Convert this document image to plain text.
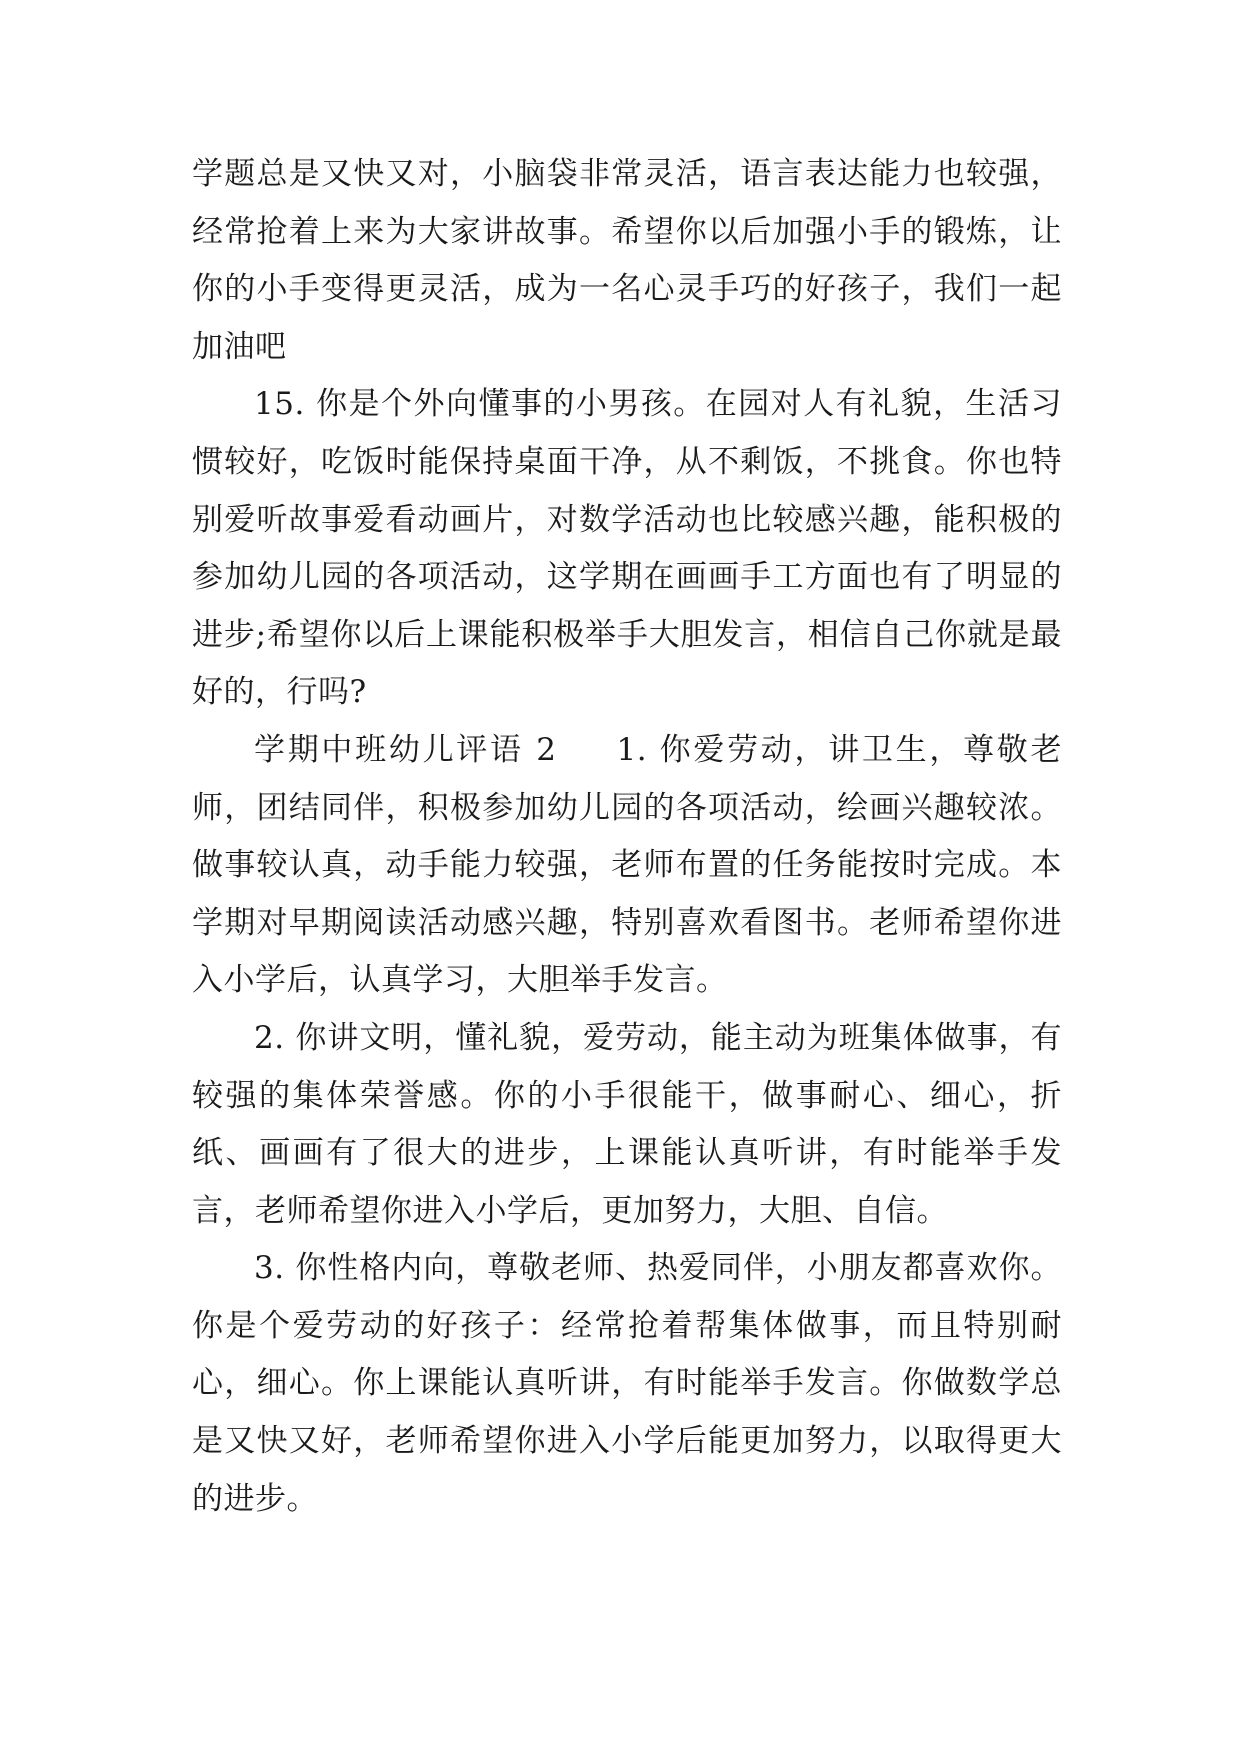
学题总是又快又对，小脑袋非常灵活，语言表达能力也较强，经常抢着上来为大家讲故事。希望你以后加强小手的锻炼，让你的小手变得更灵活，成为一名心灵手巧的好孩子，我们一起加油吧

15. 你是个外向懂事的小男孩。在园对人有礼貌，生活习惯较好，吃饭时能保持桌面干净，从不剩饭，不挑食。你也特别爱听故事爱看动画片，对数学活动也比较感兴趣，能积极的参加幼儿园的各项活动，这学期在画画手工方面也有了明显的进步;希望你以后上课能积极举手大胆发言，相信自己你就是最好的，行吗?

学期中班幼儿评语 2 1. 你爱劳动，讲卫生，尊敬老师，团结同伴，积极参加幼儿园的各项活动，绘画兴趣较浓。做事较认真，动手能力较强，老师布置的任务能按时完成。本学期对早期阅读活动感兴趣，特别喜欢看图书。老师希望你进入小学后，认真学习，大胆举手发言。

2. 你讲文明，懂礼貌，爱劳动，能主动为班集体做事，有较强的集体荣誉感。你的小手很能干，做事耐心、细心，折纸、画画有了很大的进步，上课能认真听讲，有时能举手发言，老师希望你进入小学后，更加努力，大胆、自信。

3. 你性格内向，尊敬老师、热爱同伴，小朋友都喜欢你。你是个爱劳动的好孩子：经常抢着帮集体做事，而且特别耐心，细心。你上课能认真听讲，有时能举手发言。你做数学总是又快又好，老师希望你进入小学后能更加努力，以取得更大的进步。
